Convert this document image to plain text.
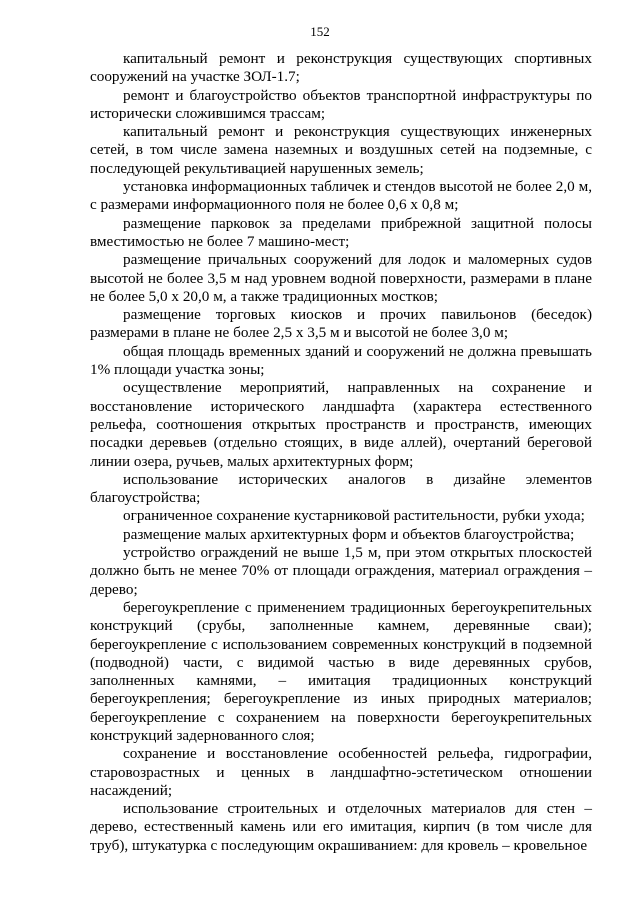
152

капитальный ремонт и реконструкция существующих спортивных сооружений на участке ЗОЛ-1.7;

ремонт и благоустройство объектов транспортной инфраструктуры по исторически сложившимся трассам;

капитальный ремонт и реконструкция существующих инженерных сетей, в том числе замена наземных и воздушных сетей на подземные, с последующей рекультивацией нарушенных земель;

установка информационных табличек и стендов высотой не более 2,0 м, с размерами информационного поля не более 0,6 х 0,8 м;

размещение парковок за пределами прибрежной защитной полосы вместимостью не более 7 машино-мест;

размещение причальных сооружений для лодок и маломерных судов высотой не более 3,5 м над уровнем водной поверхности, размерами в плане не более 5,0 х 20,0 м, а также традиционных мостков;

размещение торговых киосков и прочих павильонов (беседок) размерами в плане не более 2,5 х 3,5 м и высотой не более 3,0 м;

общая площадь временных зданий и сооружений не должна превышать 1% площади участка зоны;

осуществление мероприятий, направленных на сохранение и восстановление исторического ландшафта (характера естественного рельефа, соотношения открытых пространств и пространств, имеющих посадки деревьев (отдельно стоящих, в виде аллей), очертаний береговой линии озера, ручьев, малых архитектурных форм;

использование исторических аналогов в дизайне элементов благоустройства;

ограниченное сохранение кустарниковой растительности, рубки ухода;

размещение малых архитектурных форм и объектов благоустройства;

устройство ограждений не выше 1,5 м, при этом открытых плоскостей должно быть не менее 70% от площади ограждения, материал ограждения – дерево;

берегоукрепление с применением традиционных берегоукрепительных конструкций (срубы, заполненные камнем, деревянные сваи); берегоукрепление с использованием современных конструкций в подземной (подводной) части, с видимой частью в виде деревянных срубов, заполненных камнями, – имитация традиционных конструкций берегоукрепления; берегоукрепление из иных природных материалов; берегоукрепление с сохранением на поверхности берегоукрепительных конструкций задернованного слоя;

сохранение и восстановление особенностей рельефа, гидрографии, старовозрастных и ценных в ландшафтно-эстетическом отношении насаждений;

использование строительных и отделочных материалов для стен – дерево, естественный камень или его имитация, кирпич (в том числе для труб), штукатурка с последующим окрашиванием: для кровель – кровельное
